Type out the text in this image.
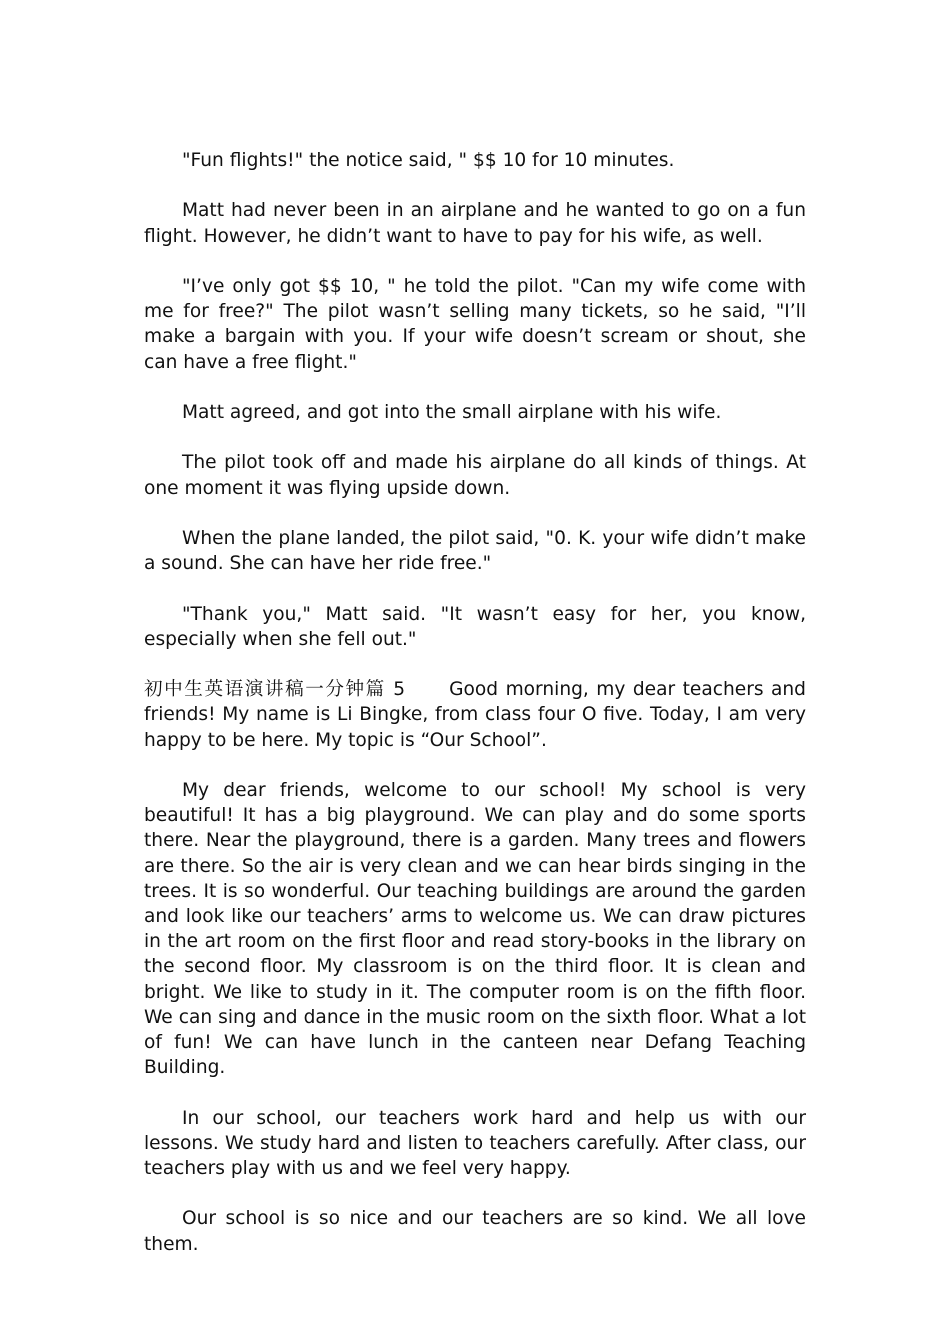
"Fun flights!" the notice said, " $$ 10 for 10 minutes.

Matt had never been in an airplane and he wanted to go on a fun flight. However, he didn’t want to have to pay for his wife, as well.

"I’ve only got $$ 10, " he told the pilot. "Can my wife come with me for free?" The pilot wasn’t selling many tickets, so he said, "I’ll make a bargain with you. If your wife doesn’t scream or shout, she can have a free flight."

Matt agreed, and got into the small airplane with his wife.

The pilot took off and made his airplane do all kinds of things. At one moment it was flying upside down.

When the plane landed, the pilot said, "0. K. your wife didn’t make a sound. She can have her ride free."

"Thank you," Matt said. "It wasn’t easy for her, you know, especially when she fell out."

初中生英语演讲稿一分钟篇 5 Good morning, my dear teachers and friends! My name is Li Bingke, from class four O five. Today, I am very happy to be here. My topic is “Our School”.

My dear friends, welcome to our school! My school is very beautiful! It has a big playground. We can play and do some sports there. Near the playground, there is a garden. Many trees and flowers are there. So the air is very clean and we can hear birds singing in the trees. It is so wonderful. Our teaching buildings are around the garden and look like our teachers’ arms to welcome us. We can draw pictures in the art room on the first floor and read story-books in the library on the second floor. My classroom is on the third floor. It is clean and bright. We like to study in it. The computer room is on the fifth floor. We can sing and dance in the music room on the sixth floor. What a lot of fun! We can have lunch in the canteen near Defang Teaching Building.

In our school, our teachers work hard and help us with our lessons. We study hard and listen to teachers carefully. After class, our teachers play with us and we feel very happy.

Our school is so nice and our teachers are so kind. We all love them.
